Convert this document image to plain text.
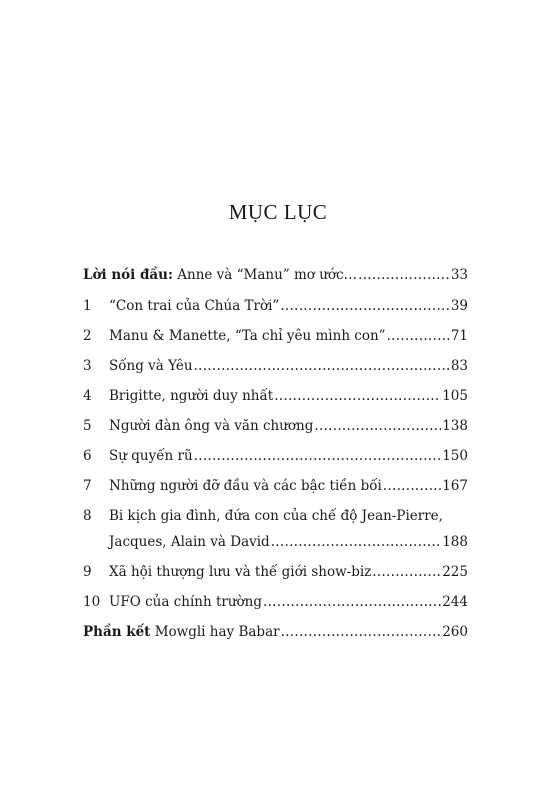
MỤC LỤC
Lời nói đầu: Anne và “Manu” mơ ước… .....	33
1	“Con trai của Chúa Trời” .....	39
2	Manu & Manette, “Ta chỉ yêu mình con” .....	71
3	Sống và Yêu .....	83
4	Brigitte, người duy nhất .....	105
5	Người đàn ông và văn chương .....	138
6	Sự quyến rũ .....	150
7	Những người đỡ đầu và các bậc tiền bối .....	167
8	Bi kịch gia đình, đứa con của chế độ Jean-Pierre,
Jacques, Alain và David .....	188
9	Xã hội thượng lưu và thế giới show-biz .....	225
10 UFO của chính trường .....	244
Phần kết Mowgli hay Babar .....	260
